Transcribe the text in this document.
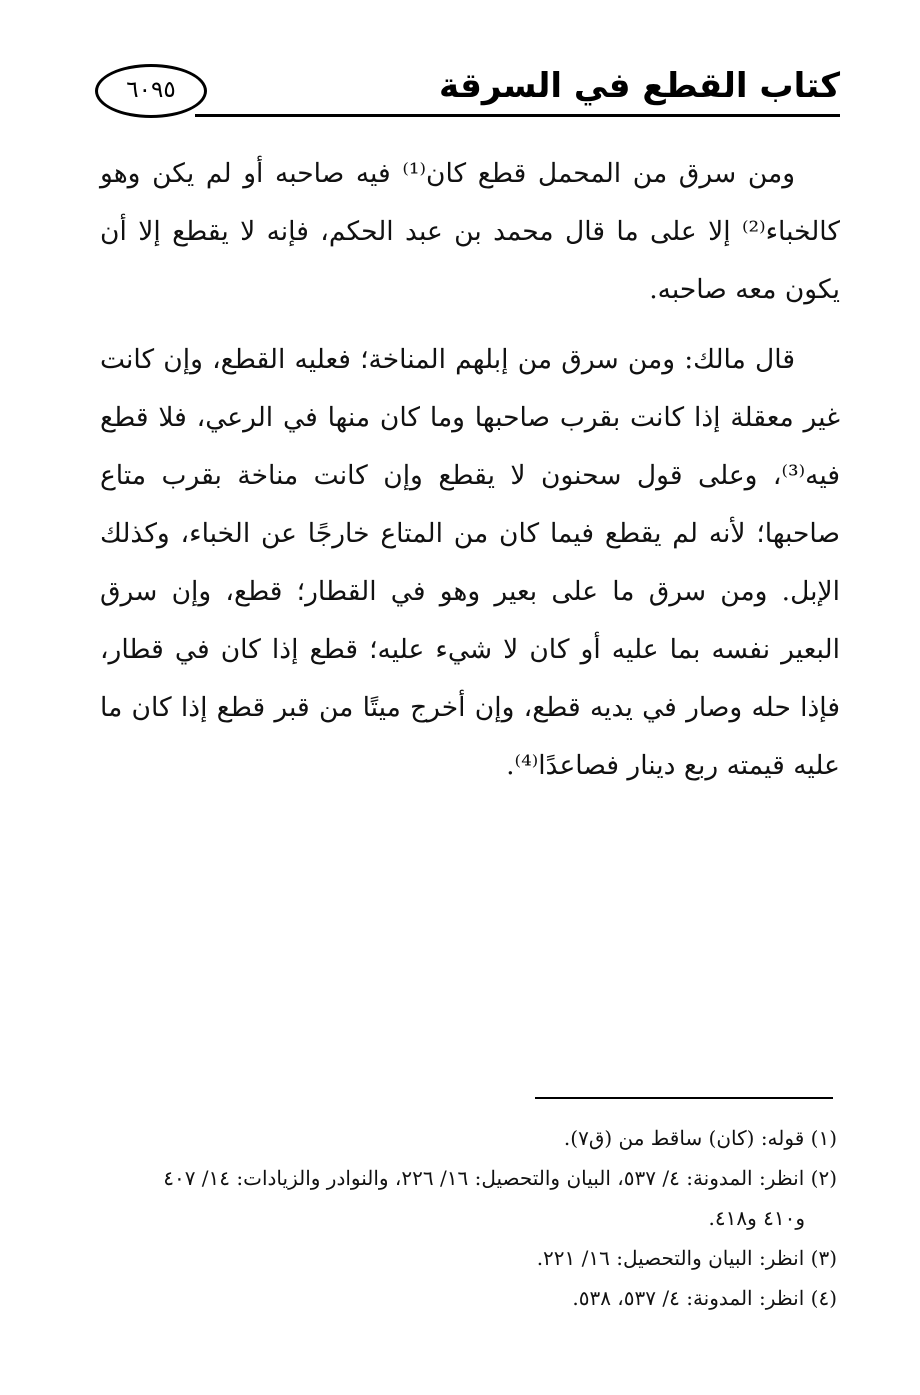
كتاب القطع في السرقة
٦٠٩٥

ومن سرق من المحمل قطع كان⁽¹⁾ فيه صاحبه أو لم يكن وهو كالخباء⁽²⁾ إلا على ما قال محمد بن عبد الحكم، فإنه لا يقطع إلا أن يكون معه صاحبه.

قال مالك: ومن سرق من إبلهم المناخة؛ فعليه القطع، وإن كانت غير معقلة إذا كانت بقرب صاحبها وما كان منها في الرعي، فلا قطع فيه⁽³⁾، وعلى قول سحنون لا يقطع وإن كانت مناخة بقرب متاع صاحبها؛ لأنه لم يقطع فيما كان من المتاع خارجًا عن الخباء، وكذلك الإبل. ومن سرق ما على بعير وهو في القطار؛ قطع، وإن سرق البعير نفسه بما عليه أو كان لا شيء عليه؛ قطع إذا كان في قطار، فإذا حله وصار في يديه قطع، وإن أخرج ميتًا من قبر قطع إذا كان ما عليه قيمته ربع دينار فصاعدًا⁽⁴⁾.

(١) قوله: (كان) ساقط من (ق٧).

(٢) انظر: المدونة: ٤/ ٥٣٧، البيان والتحصيل: ١٦/ ٢٢٦، والنوادر والزيادات: ١٤/ ٤٠٧

و٤١٠ و٤١٨.

(٣) انظر: البيان والتحصيل: ١٦/ ٢٢١.

(٤) انظر: المدونة: ٤/ ٥٣٧، ٥٣٨.
